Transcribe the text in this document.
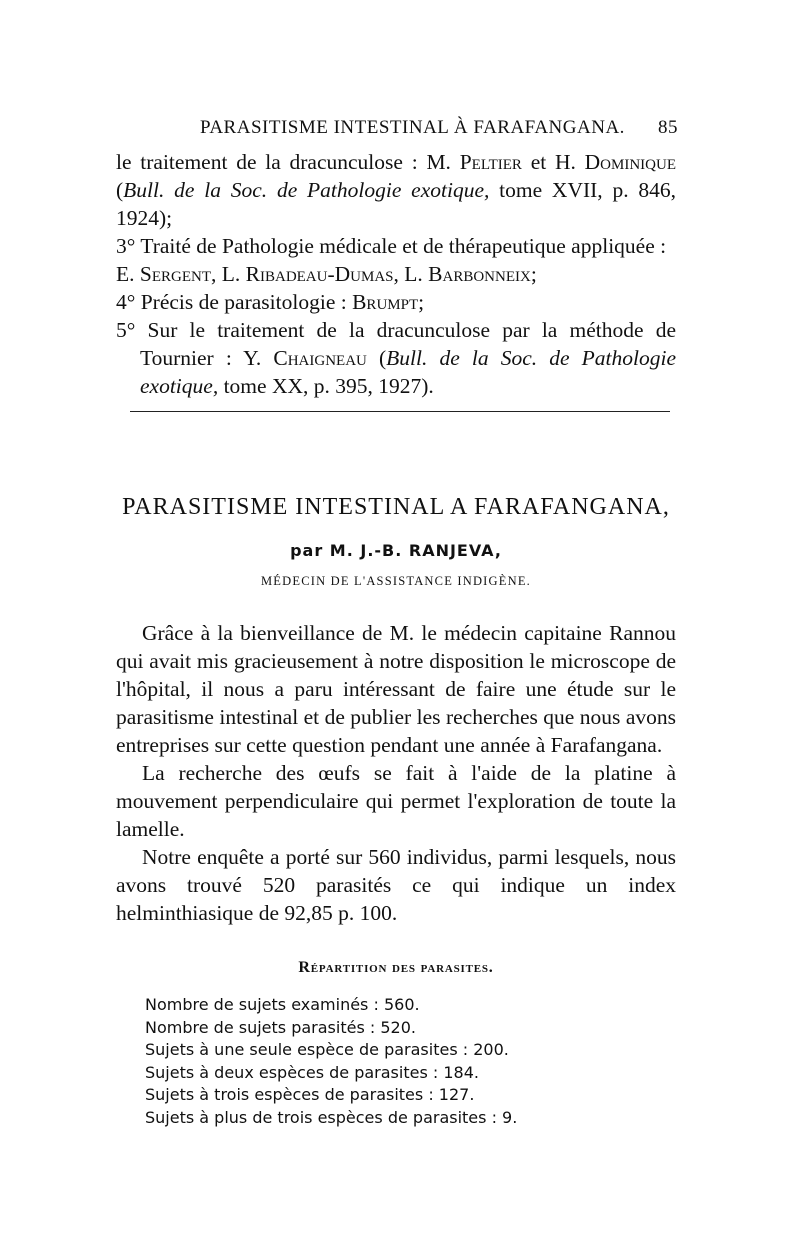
PARASITISME INTESTINAL À FARAFANGANA. 85

le traitement de la dracunculose : M. Peltier et H. Dominique (Bull. de la Soc. de Pathologie exotique, tome XVII, p. 846, 1924);

3° Traité de Pathologie médicale et de thérapeutique appliquée :
E. Sergent, L. Ribadeau-Dumas, L. Barbonneix;

4° Précis de parasitologie : Brumpt;

5° Sur le traitement de la dracunculose par la méthode de Tournier : Y. Chaigneau (Bull. de la Soc. de Pathologie exotique, tome XX, p. 395, 1927).

PARASITISME INTESTINAL A FARAFANGANA,
par M. J.-B. RANJEVA,
MÉDECIN DE L'ASSISTANCE INDIGÈNE.

Grâce à la bienveillance de M. le médecin capitaine Rannou qui avait mis gracieusement à notre disposition le microscope de l'hôpital, il nous a paru intéressant de faire une étude sur le parasitisme intestinal et de publier les recherches que nous avons entreprises sur cette question pendant une année à Farafangana.

La recherche des œufs se fait à l'aide de la platine à mouvement perpendiculaire qui permet l'exploration de toute la lamelle.

Notre enquête a porté sur 560 individus, parmi lesquels, nous avons trouvé 520 parasités ce qui indique un index helminthiasique de 92,85 p. 100.

Répartition des parasites.
Nombre de sujets examinés : 560.
Nombre de sujets parasités : 520.
Sujets à une seule espèce de parasites : 200.
Sujets à deux espèces de parasites : 184.
Sujets à trois espèces de parasites : 127.
Sujets à plus de trois espèces de parasites : 9.
